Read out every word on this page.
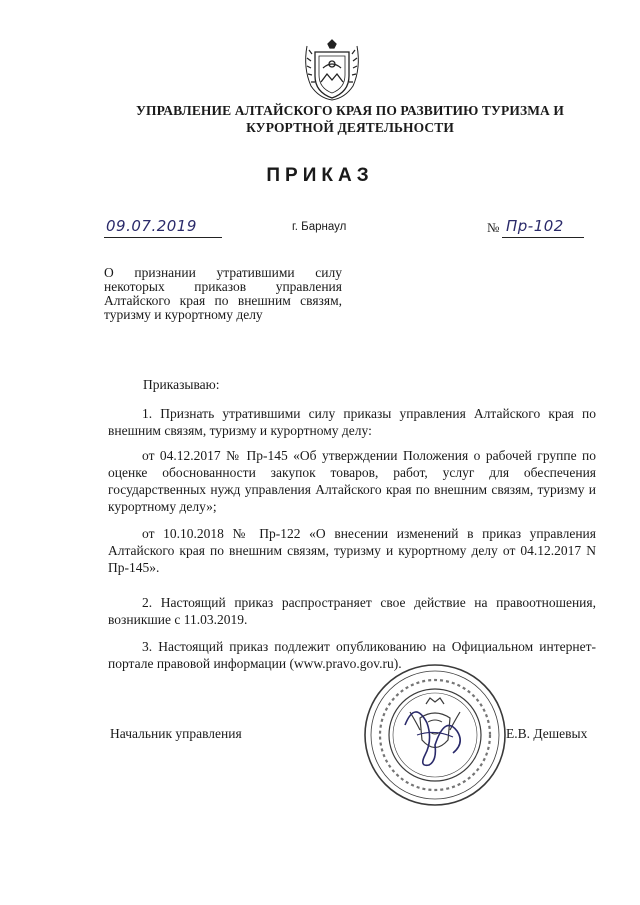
УПРАВЛЕНИЕ АЛТАЙСКОГО КРАЯ ПО РАЗВИТИЮ ТУРИЗМА И
КУРОРТНОЙ ДЕЯТЕЛЬНОСТИ
ПРИКАЗ
09.07.2019	г. Барнаул	№ Пр-102
О признании утратившими силу некоторых приказов управления Алтайского края по внешним связям, туризму и курортному делу
Приказываю:
1. Признать утратившими силу приказы управления Алтайского края по внешним связям, туризму и курортному делу:
от 04.12.2017 № Пр-145 «Об утверждении Положения о рабочей группе по оценке обоснованности закупок товаров, работ, услуг для обеспечения государственных нужд управления Алтайского края по внешним связям, туризму и курортному делу»;
от 10.10.2018 № Пр-122 «О внесении изменений в приказ управления Алтайского края по внешним связям, туризму и курортному делу от 04.12.2017 N Пр-145».
2. Настоящий приказ распространяет свое действие на правоотношения, возникшие с 11.03.2019.
3. Настоящий приказ подлежит опубликованию на Официальном интернет-портале правовой информации (www.pravo.gov.ru).
Начальник управления	Е.В. Дешевых
